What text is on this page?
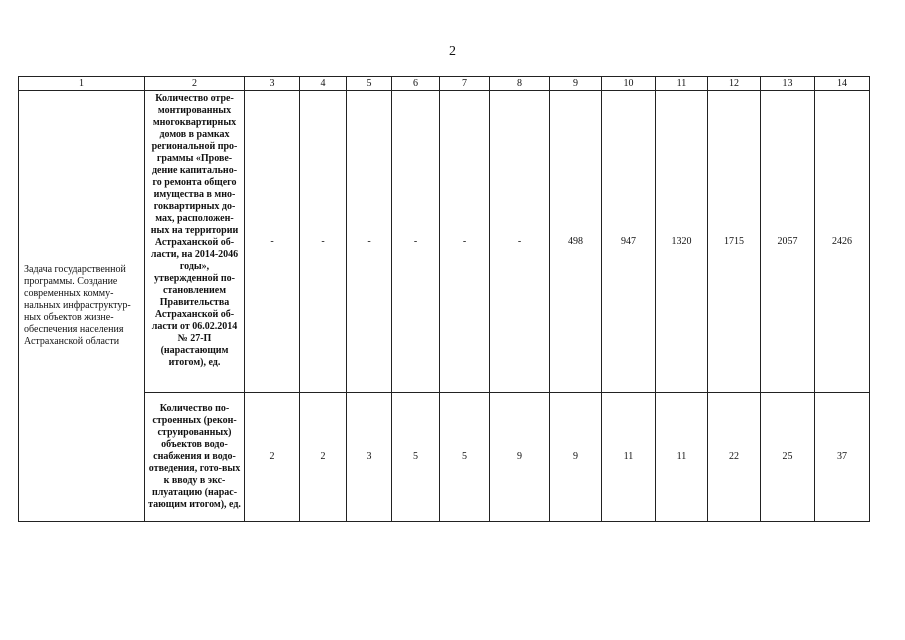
2
1	2	3	4	5	6	7	8	9	10	11	12	13	14
Задача государственной программы. Создание современных комму-нальных инфраструктур-ных объектов жизне-обеспечения населения Астраханской области	Количество отре-монтированных многоквартирных домов в рамках региональной про-граммы «Прове-дение капитально-го ремонта общего имущества в мно-гоквартирных до-мах, расположен-ных на территории Астраханской об-ласти, на 2014-2046 годы», утвержденной по-становлением Правительства Астраханской об-ласти от 06.02.2014 № 27-П (нарастающим итогом), ед.	-	-	-	-	-	-	498	947	1320	1715	2057	2426
	Количество по-строенных (рекон-струированных) объектов водо-снабжения и водо-отведения, гото-вых к вводу в экс-плуатацию (нарас-тающим итогом), ед.	2	2	3	5	5	9	9	11	11	22	25	37
